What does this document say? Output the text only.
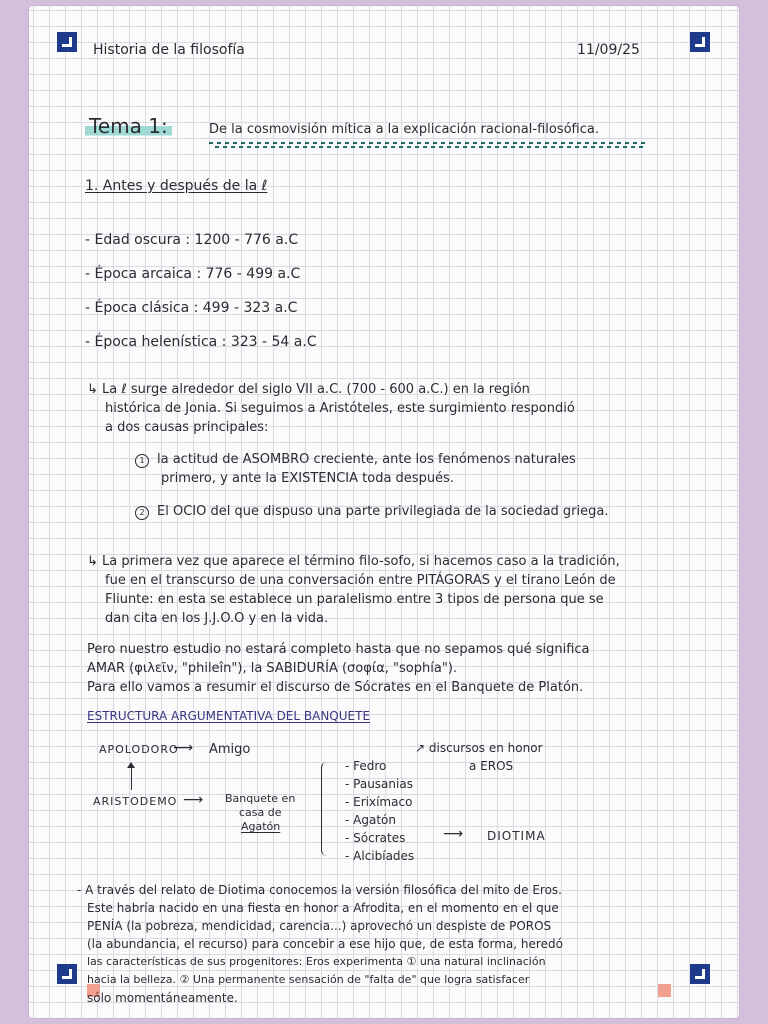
Historia de la filosofía	11/09/25
Tema 1:	De la cosmovisión mítica a la explicación racional-filosófica.
1. Antes y después de la ℓ
- Edad oscura : 1200 - 776 a.C
- Época arcaica : 776 - 499 a.C
- Época clásica : 499 - 323 a.C
- Época helenística : 323 - 54 a.C
↳ La ℓ surge alrededor del siglo VII a.C. (700 - 600 a.C.) en la región
histórica de Jonia. Si seguimos a Aristóteles, este surgimiento respondió
a dos causas principales:
1 la actitud de ASOMBRO creciente, ante los fenómenos naturales
primero, y ante la EXISTENCIA toda después.
2 El OCIO del que dispuso una parte privilegiada de la sociedad griega.
↳ La primera vez que aparece el término filo-sofo, si hacemos caso a la tradición,
fue en el transcurso de una conversación entre PITÁGORAS y el tirano León de
Fliunte: en esta se establece un paralelismo entre 3 tipos de persona que se
dan cita en los J.J.O.O y en la vida.
Pero nuestro estudio no estará completo hasta que no sepamos qué significa
AMAR (φιλεῖν, "phileîn"), la SABIDURÍA (σοφία, "sophía").
Para ello vamos a resumir el discurso de Sócrates en el Banquete de Platón.
ESTRUCTURA ARGUMENTATIVA DEL BANQUETE
APOLODORO
⟶ Amigo
ARISTODEMO ⟶ Banquete en
casa de
Agatón
- Fedro
- Pausanias
- Erixímaco
- Agatón
- Sócrates
- Alcibíades
↗ discursos en honor
a EROS
⟶ DIOTIMA
- A través del relato de Diotima conocemos la versión filosófica del mito de Eros.
Este habría nacido en una fiesta en honor a Afrodita, en el momento en el que
PENÍA (la pobreza, mendicidad, carencia...) aprovechó un despiste de POROS
(la abundancia, el recurso) para concebir a ese hijo que, de esta forma, heredó
las características de sus progenitores: Eros experimenta ① una natural inclinación
hacia la belleza. ② Una permanente sensación de "falta de" que logra satisfacer
sólo momentáneamente.
